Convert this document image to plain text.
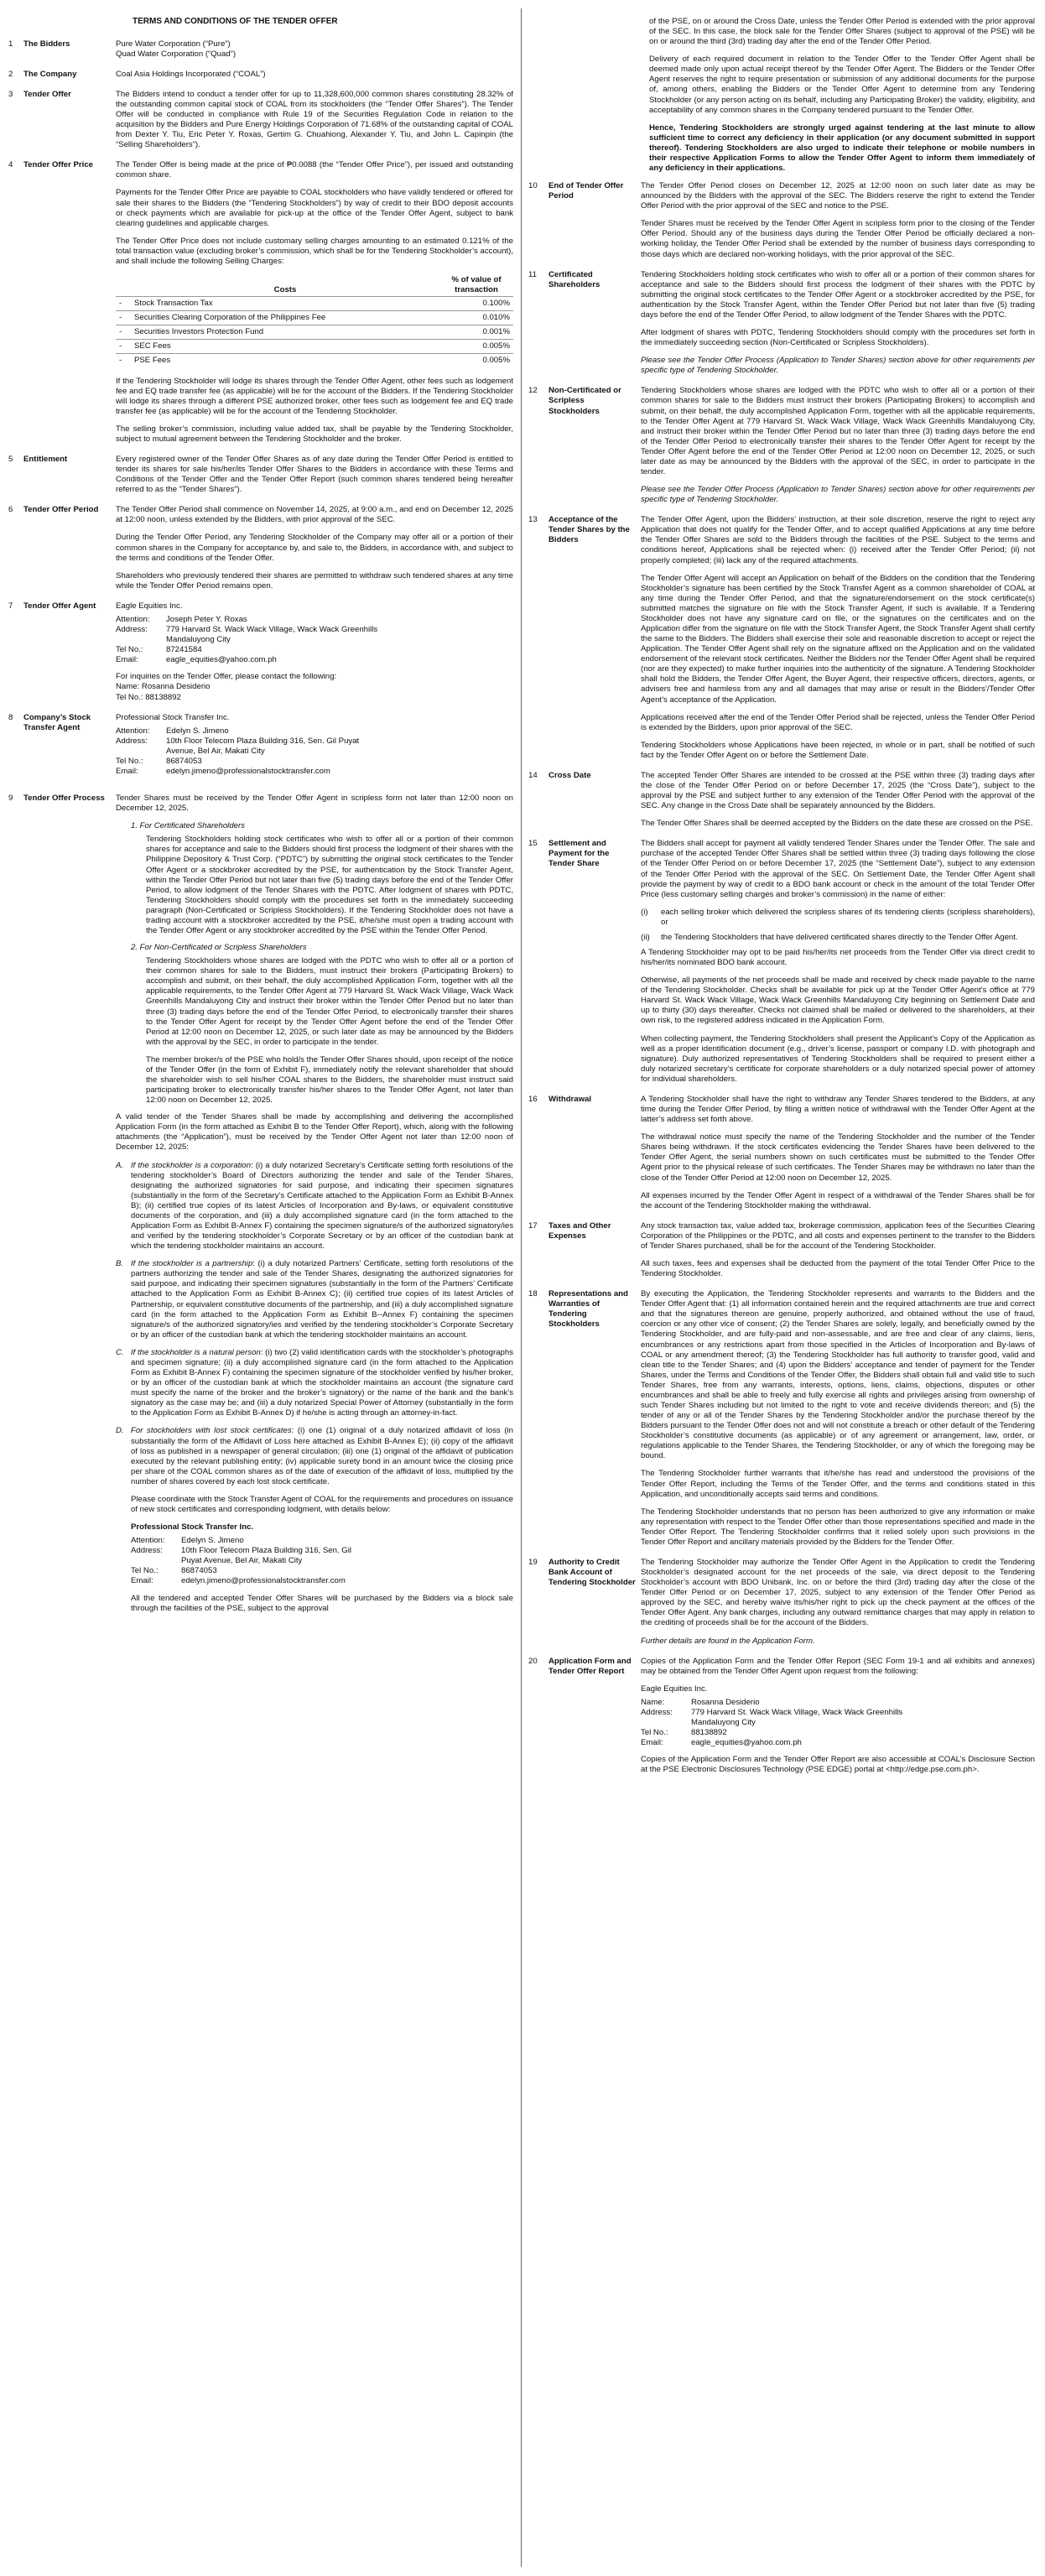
TERMS AND CONDITIONS OF THE TENDER OFFER
1	The Bidders	Pure Water Corporation (“Pure”)
Quad Water Corporation (“Quad”)
2	The Company	Coal Asia Holdings Incorporated (“COAL”)
3	Tender Offer	The Bidders intend to conduct a tender offer for up to 11,328,600,000 common shares constituting 28.32% of the outstanding common capital stock of COAL from its stockholders (the “Tender Offer Shares”). The Tender Offer will be conducted in compliance with Rule 19 of the Securities Regulation Code in relation to the acquisition by the Bidders and Pure Energy Holdings Corporation of 71.68% of the outstanding capital of COAL from Dexter Y. Tiu, Eric Peter Y. Roxas, Gertim G. Chuahiong, Alexander Y. Tiu, and John L. Capinpin (the “Selling Shareholders”).
4	Tender Offer Price	The Tender Offer is being made at the price of ₱0.0088 (the “Tender Offer Price”), per issued and outstanding common share.

Payments for the Tender Offer Price are payable to COAL stockholders who have validly tendered or offered for sale their shares to the Bidders (the “Tendering Stockholders”) by way of credit to their BDO deposit accounts or check payments which are available for pick-up at the office of the Tender Offer Agent, subject to bank clearing guidelines and applicable charges.

The Tender Offer Price does not include customary selling charges amounting to an estimated 0.121% of the total transaction value (excluding broker’s commission, which shall be for the Tendering Stockholder’s account), and shall include the following Selling Charges:

	Costs	% of value of transaction
-	Stock Transaction Tax	0.100%
-	Securities Clearing Corporation of the Philippines Fee	0.010%
-	Securities Investors Protection Fund	0.001%
-	SEC Fees	0.005%
-	PSE Fees	0.005%

If the Tendering Stockholder will lodge its shares through the Tender Offer Agent, other fees such as lodgement fee and EQ trade transfer fee (as applicable) will be for the account of the Bidders. If the Tendering Stockholder will lodge its shares through a different PSE authorized broker, other fees such as lodgement fee and EQ trade transfer fee (as applicable) will be for the account of the Tendering Stockholder.

The selling broker’s commission, including value added tax, shall be payable by the Tendering Stockholder, subject to mutual agreement between the Tendering Stockholder and the broker.

5	Entitlement	Every registered owner of the Tender Offer Shares as of any date during the Tender Offer Period is entitled to tender its shares for sale his/her/its Tender Offer Shares to the Bidders in accordance with these Terms and Conditions of the Tender Offer and the Tender Offer Report (such common shares tendered being hereafter referred to as the “Tender Shares”).
6	Tender Offer Period	The Tender Offer Period shall commence on November 14, 2025, at 9:00 a.m., and end on December 12, 2025 at 12:00 noon, unless extended by the Bidders, with prior approval of the SEC.

During the Tender Offer Period, any Tendering Stockholder of the Company may offer all or a portion of their common shares in the Company for acceptance by, and sale to, the Bidders, in accordance with, and subject to the terms and conditions of the Tender Offer.

Shareholders who previously tendered their shares are permitted to withdraw such tendered shares at any time while the Tender Offer Period remains open.

7	Tender Offer Agent	Eagle Equities Inc.
Attention:	Joseph Peter Y. Roxas
Address:	779 Harvard St. Wack Wack Village, Wack Wack Greenhills
Mandaluyong City
Tel No.:	87241584
Email:	eagle_equities@yahoo.com.ph
For inquiries on the Tender Offer, please contact the following:
Name: Rosanna Desiderio
Tel No.: 88138892
8	Company’s Stock Transfer Agent
Professional Stock Transfer Inc.
Attention:	Edelyn S. Jimeno
Address:	10th Floor Telecom Plaza Building 316, Sen. Gil Puyat
Avenue, Bel Air, Makati City
Tel No.:	86874053
Email:	edelyn.jimeno@professionalstocktransfer.com
9	Tender Offer Process	Tender Shares must be received by the Tender Offer Agent in scripless form not later than 12:00 noon on December 12, 2025.

1. For Certificated Shareholders

Tendering Stockholders holding stock certificates who wish to offer all or a portion of their common shares for acceptance and sale to the Bidders should first process the lodgment of their shares with the Philippine Depository & Trust Corp. (“PDTC”) by submitting the original stock certificates to the Tender Offer Agent or a stockbroker accredited by the PSE, for authentication by the Stock Transfer Agent, within the Tender Offer Period but not later than five (5) trading days before the end of the Tender Offer Period, to allow lodgment of the Tender Shares with the PDTC. After lodgment of shares with PDTC, Tendering Stockholders should comply with the procedures set forth in the immediately succeeding paragraph (Non-Certificated or Scripless Stockholders). If the Tendering Stockholder does not have a trading account with a stockbroker accredited by the PSE, it/he/she must open a trading account with the Tender Offer Agent or any stockbroker accredited by the PSE within the Tender Offer Period.

2. For Non-Certificated or Scripless Shareholders

Tendering Stockholders whose shares are lodged with the PDTC who wish to offer all or a portion of their common shares for sale to the Bidders, must instruct their brokers (Participating Brokers) to accomplish and submit, on their behalf, the duly accomplished Application Form, together with all the applicable requirements, to the Tender Offer Agent at 779 Harvard St. Wack Wack Village, Wack Wack Greenhills Mandaluyong City and instruct their broker within the Tender Offer Period but no later than three (3) trading days before the end of the Tender Offer Period, to electronically transfer their shares to the Tender Offer Agent for receipt by the Tender Offer Agent before the end of the Tender Offer Period at 12:00 noon on December 12, 2025, or such later date as may be announced by the Bidders with the approval by the SEC, in order to participate in the tender.

The member broker/s of the PSE who hold/s the Tender Offer Shares should, upon receipt of the notice of the Tender Offer (in the form of Exhibit F), immediately notify the relevant shareholder that should the shareholder wish to sell his/her COAL shares to the Bidders, the shareholder must instruct said participating broker to electronically transfer his/her shares to the Tender Offer Agent, not later than 12:00 noon on December 12, 2025.

A valid tender of the Tender Shares shall be made by accomplishing and delivering the accomplished Application Form (in the form attached as Exhibit B to the Tender Offer Report), which, along with the following attachments (the “Application”), must be received by the Tender Offer Agent not later than 12:00 noon of December 12, 2025:

A. If the stockholder is a corporation: (i) a duly notarized Secretary’s Certificate setting forth resolutions of the tendering stockholder’s Board of Directors authorizing the tender and sale of the Tender Shares, designating the authorized signatories for said purpose, and indicating their specimen signatures (substantially in the form of the Secretary’s Certificate attached to the Application Form as Exhibit B-Annex B); (ii) certified true copies of its latest Articles of Incorporation and By-laws, or equivalent constitutive documents of the corporation, and (iii) a duly accomplished signature card (in the form attached to the Application Form as Exhibit B-Annex F) containing the specimen signature/s of the authorized signatory/ies and verified by the tendering stockholder’s Corporate Secretary or by an officer of the custodian bank at which the tendering stockholder maintains an account.
B. If the stockholder is a partnership: (i) a duly notarized Partners’ Certificate, setting forth resolutions of the partners authorizing the tender and sale of the Tender Shares, designating the authorized signatories for said purpose, and indicating their specimen signatures (substantially in the form of the Partners’ Certificate attached to the Application Form as Exhibit B-Annex C); (ii) certified true copies of its latest Articles of Partnership, or equivalent constitutive documents of the partnership, and (iii) a duly accomplished signature card (in the form attached to the Application Form as Exhibit B--Annex F) containing the specimen signature/s of the authorized signatory/ies and verified by the tendering stockholder’s Corporate Secretary or by an officer of the custodian bank at which the tendering stockholder maintains an account.
C. If the stockholder is a natural person: (i) two (2) valid identification cards with the stockholder’s photographs and specimen signature; (ii) a duly accomplished signature card (in the form attached to the Application Form as Exhibit B-Annex F) containing the specimen signature of the stockholder verified by his/her broker, or by an officer of the custodian bank at which the stockholder maintains an account (the signature card must specify the name of the broker and the broker’s signatory) or the name of the bank and the bank’s signatory as the case may be; and (iii) a duly notarized Special Power of Attorney (substantially in the form to the Application Form as Exhibit B-Annex D) if he/she is acting through an attorney-in-fact.
D. For stockholders with lost stock certificates: (i) one (1) original of a duly notarized affidavit of loss (in substantially the form of the Affidavit of Loss here attached as Exhibit B-Annex E); (ii) copy of the affidavit of loss as published in a newspaper of general circulation; (iii) one (1) original of the affidavit of publication executed by the relevant publishing entity; (iv) applicable surety bond in an amount twice the closing price per share of the COAL common shares as of the date of execution of the affidavit of loss, multiplied by the number of shares covered by each lost stock certificate.

Please coordinate with the Stock Transfer Agent of COAL for the requirements and procedures on issuance of new stock certificates and corresponding lodgment, with details below:

Professional Stock Transfer Inc.
Attention:	Edelyn S. Jimeno
Address:	10th Floor Telecom Plaza Building 316, Sen. Gil
Puyat Avenue, Bel Air, Makati City
Tel No.:	86874053
Email:	edelyn.jimeno@professionalstocktransfer.com

All the tendered and accepted Tender Offer Shares will be purchased by the Bidders via a block sale through the facilities of the PSE, subject to the approval

of the PSE, on or around the Cross Date, unless the Tender Offer Period is extended with the prior approval of the SEC. In this case, the block sale for the Tender Offer Shares (subject to approval of the PSE) will be on or around the third (3rd) trading day after the end of the Tender Offer Period.

Delivery of each required document in relation to the Tender Offer to the Tender Offer Agent shall be deemed made only upon actual receipt thereof by the Tender Offer Agent. The Bidders or the Tender Offer Agent reserves the right to require presentation or submission of any additional documents for the purpose of, among others, enabling the Bidders or the Tender Offer Agent to determine from any Tendering Stockholder (or any person acting on its behalf, including any Participating Broker) the validity, eligibility, and acceptability of any common shares in the Company tendered pursuant to the Tender Offer.

Hence, Tendering Stockholders are strongly urged against tendering at the last minute to allow sufficient time to correct any deficiency in their application (or any document submitted in support thereof). Tendering Stockholders are also urged to indicate their telephone or mobile numbers in their respective Application Forms to allow the Tender Offer Agent to inform them immediately of any deficiency in their applications.

10	End of Tender Offer Period

The Tender Offer Period closes on December 12, 2025 at 12:00 noon on such later date as may be announced by the Bidders with the approval of the SEC. The Bidders reserve the right to extend the Tender Offer Period with the prior approval of the SEC and notice to the PSE.

Tender Shares must be received by the Tender Offer Agent in scripless form prior to the closing of the Tender Offer Period. Should any of the business days during the Tender Offer Period be officially declared a non-working holiday, the Tender Offer Period shall be extended by the number of business days corresponding to those days which are declared non-working holidays, with the prior approval of the SEC.

11	Certificated Shareholders

Tendering Stockholders holding stock certificates who wish to offer all or a portion of their common shares for acceptance and sale to the Bidders should first process the lodgment of their shares with the PDTC by submitting the original stock certificates to the Tender Offer Agent or a stockbroker accredited by the PSE, for authentication by the Stock Transfer Agent, within the Tender Offer Period but not later than five (5) trading days before the end of the Tender Offer Period, to allow lodgment of the Tender Shares with the PDTC.

After lodgment of shares with PDTC, Tendering Stockholders should comply with the procedures set forth in the immediately succeeding section (Non-Certificated or Scripless Stockholders).

Please see the Tender Offer Process (Application to Tender Shares) section above for other requirements per specific type of Tendering Stockholder.

12	Non-Certificated or Scripless Stockholders

Tendering Stockholders whose shares are lodged with the PDTC who wish to offer all or a portion of their common shares for sale to the Bidders must instruct their brokers (Participating Brokers) to accomplish and submit, on their behalf, the duly accomplished Application Form, together with all the applicable requirements, to the Tender Offer Agent at 779 Harvard St. Wack Wack Village, Wack Wack Greenhills Mandaluyong City, and instruct their broker within the Tender Offer Period but no later than three (3) trading days before the end of the Tender Offer Period to electronically transfer their shares to the Tender Offer Agent for receipt by the Tender Offer Agent before the end of the Tender Offer Period at 12:00 noon on December 12, 2025, or such later date as may be announced by the Bidders with the approval of the SEC, in order to participate in the tender.

Please see the Tender Offer Process (Application to Tender Shares) section above for other requirements per specific type of Tendering Stockholder.

13	Acceptance of the Tender Shares by the Bidders

The Tender Offer Agent, upon the Bidders’ instruction, at their sole discretion, reserve the right to reject any Application that does not qualify for the Tender Offer, and to accept qualified Applications at any time before the Tender Offer Shares are sold to the Bidders through the facilities of the PSE. Subject to the terms and conditions hereof, Applications shall be rejected when: (i) received after the Tender Offer Period; (ii) not properly completed; (iii) lack any of the required attachments.

The Tender Offer Agent will accept an Application on behalf of the Bidders on the condition that the Tendering Stockholder’s signature has been certified by the Stock Transfer Agent as a common shareholder of COAL at any time during the Tender Offer Period, and that the signature/endorsement on the stock certificate(s) submitted matches the signature on file with the Stock Transfer Agent, if such is available. If a Tendering Stockholder does not have any signature card on file, or the signatures on the certificates and on the Application differ from the signature on file with the Stock Transfer Agent, the Stock Transfer Agent shall certify the same to the Bidders. The Bidders shall exercise their sole and reasonable discretion to accept or reject the Application. The Tender Offer Agent shall rely on the signature affixed on the Application and on the validated endorsement of the relevant stock certificates. Neither the Bidders nor the Tender Offer Agent shall be required (nor are they expected) to make further inquiries into the authenticity of the signature. A Tendering Stockholder shall hold the Bidders, the Tender Offer Agent, the Buyer Agent, their respective officers, directors, agents, or advisers free and harmless from any and all damages that may arise or result in the Bidders’/Tender Offer Agent’s acceptance of the Application.

Applications received after the end of the Tender Offer Period shall be rejected, unless the Tender Offer Period is extended by the Bidders, upon prior approval of the SEC.

Tendering Stockholders whose Applications have been rejected, in whole or in part, shall be notified of such fact by the Tender Offer Agent on or before the Settlement Date.

14	Cross Date	The accepted Tender Offer Shares are intended to be crossed at the PSE within three (3) trading days after the close of the Tender Offer Period on or before December 17, 2025 (the “Cross Date”), subject to the approval by the PSE and subject further to any extension of the Tender Offer Period with the approval of the SEC. Any change in the Cross Date shall be separately announced by the Bidders.

The Tender Offer Shares shall be deemed accepted by the Bidders on the date these are crossed on the PSE.

15	Settlement and Payment for the Tender Share

The Bidders shall accept for payment all validly tendered Tender Shares under the Tender Offer. The sale and purchase of the accepted Tender Offer Shares shall be settled within three (3) trading days following the close of the Tender Offer Period on or before December 17, 2025 (the “Settlement Date”), subject to any extension of the Tender Offer Period with the approval of the SEC. On Settlement Date, the Tender Offer Agent shall provide the payment by way of credit to a BDO bank account or check in the amount of the total Tender Offer Price (less customary selling charges and broker’s commission) in the name of either:

(i)	each selling broker which delivered the scripless shares of its tendering clients (scripless shareholders), or
(ii)	the Tendering Stockholders that have delivered certificated shares directly to the Tender Offer Agent.

A Tendering Stockholder may opt to be paid his/her/its net proceeds from the Tender Offer via direct credit to his/her/its nominated BDO bank account.

Otherwise, all payments of the net proceeds shall be made and received by check made payable to the name of the Tendering Stockholder. Checks shall be available for pick up at the Tender Offer Agent’s office at 779 Harvard St. Wack Wack Village, Wack Wack Greenhills Mandaluyong City beginning on Settlement Date and up to thirty (30) days thereafter. Checks not claimed shall be mailed or delivered to the shareholders, at their own risk, to the registered address indicated in the Application Form.

When collecting payment, the Tendering Stockholders shall present the Applicant’s Copy of the Application as well as a proper identification document (e.g., driver’s license, passport or company I.D. with photograph and signature). Duly authorized representatives of Tendering Stockholders shall be required to present either a duly notarized secretary’s certificate for corporate shareholders or a duly notarized special power of attorney for individual shareholders.

16	Withdrawal	A Tendering Stockholder shall have the right to withdraw any Tender Shares tendered to the Bidders, at any time during the Tender Offer Period, by filing a written notice of withdrawal with the Tender Offer Agent at the latter’s address set forth above.

The withdrawal notice must specify the name of the Tendering Stockholder and the number of the Tender Shares being withdrawn. If the stock certificates evidencing the Tender Shares have been delivered to the Tender Offer Agent, the serial numbers shown on such certificates must be submitted to the Tender Offer Agent prior to the physical release of such certificates. The Tender Shares may be withdrawn no later than the close of the Tender Offer Period at 12:00 noon on December 12, 2025.

All expenses incurred by the Tender Offer Agent in respect of a withdrawal of the Tender Shares shall be for the account of the Tendering Stockholder making the withdrawal.

17	Taxes and Other Expenses

Any stock transaction tax, value added tax, brokerage commission, application fees of the Securities Clearing Corporation of the Philippines or the PDTC, and all costs and expenses pertinent to the transfer to the Bidders of Tender Shares purchased, shall be for the account of the Tendering Stockholder.

All such taxes, fees and expenses shall be deducted from the payment of the total Tender Offer Price to the Tendering Stockholder.

18	Representations and Warranties of Tendering Stockholders

By executing the Application, the Tendering Stockholder represents and warrants to the Bidders and the Tender Offer Agent that: (1) all information contained herein and the required attachments are true and correct and that the signatures thereon are genuine, properly authorized, and obtained without the use of fraud, coercion or any other vice of consent; (2) the Tender Shares are solely, legally, and beneficially owned by the Tendering Stockholder, and are fully-paid and non-assessable, and are free and clear of any claims, liens, encumbrances or any restrictions apart from those specified in the Articles of Incorporation and By-laws of COAL or any amendment thereof; (3) the Tendering Stockholder has full authority to transfer good, valid and clean title to the Tender Shares; and (4) upon the Bidders’ acceptance and tender of payment for the Tender Shares, under the Terms and Conditions of the Tender Offer, the Bidders shall obtain full and valid title to such Tender Shares, free from any warrants, interests, options, liens, claims, objections, disputes or other encumbrances and shall be able to freely and fully exercise all rights and privileges arising from ownership of such Tender Shares including but not limited to the right to vote and receive dividends thereon; and (5) the tender of any or all of the Tender Shares by the Tendering Stockholder and/or the purchase thereof by the Bidders pursuant to the Tender Offer does not and will not constitute a breach or other default of the Tendering Stockholder’s constitutive documents (as applicable) or of any agreement or arrangement, law, order, or regulations applicable to the Tender Shares, the Tendering Stockholder, or any of which the foregoing may be bound.

The Tendering Stockholder further warrants that it/he/she has read and understood the provisions of the Tender Offer Report, including the Terms of the Tender Offer, and the terms and conditions stated in this Application, and unconditionally accepts said terms and conditions.

The Tendering Stockholder understands that no person has been authorized to give any information or make any representation with respect to the Tender Offer other than those representations specified and made in the Tender Offer Report. The Tendering Stockholder confirms that it relied solely upon such provisions in the Tender Offer Report and ancillary materials provided by the Bidders for the Tender Offer.

19	Authority to Credit Bank Account of Tendering Stockholder

The Tendering Stockholder may authorize the Tender Offer Agent in the Application to credit the Tendering Stockholder’s designated account for the net proceeds of the sale, via direct deposit to the Tendering Stockholder’s account with BDO Unibank, Inc. on or before the third (3rd) trading day after the close of the Tender Offer Period or on December 17, 2025, subject to any extension of the Tender Offer Period as approved by the SEC, and hereby waive its/his/her right to pick up the check payment at the offices of the Tender Offer Agent. Any bank charges, including any outward remittance charges that may apply in relation to the crediting of proceeds shall be for the account of the Bidders.

Further details are found in the Application Form.

20	Application Form and Tender Offer Report

Copies of the Application Form and the Tender Offer Report (SEC Form 19-1 and all exhibits and annexes) may be obtained from the Tender Offer Agent upon request from the following:

Eagle Equities Inc.
Name:	Rosanna Desiderio
Address:	779 Harvard St. Wack Wack Village, Wack Wack Greenhills
Mandaluyong City
Tel No.:	88138892
Email:	eagle_equities@yahoo.com.ph

Copies of the Application Form and the Tender Offer Report are also accessible at COAL’s Disclosure Section at the PSE Electronic Disclosures Technology (PSE EDGE) portal at <http://edge.pse.com.ph>.
